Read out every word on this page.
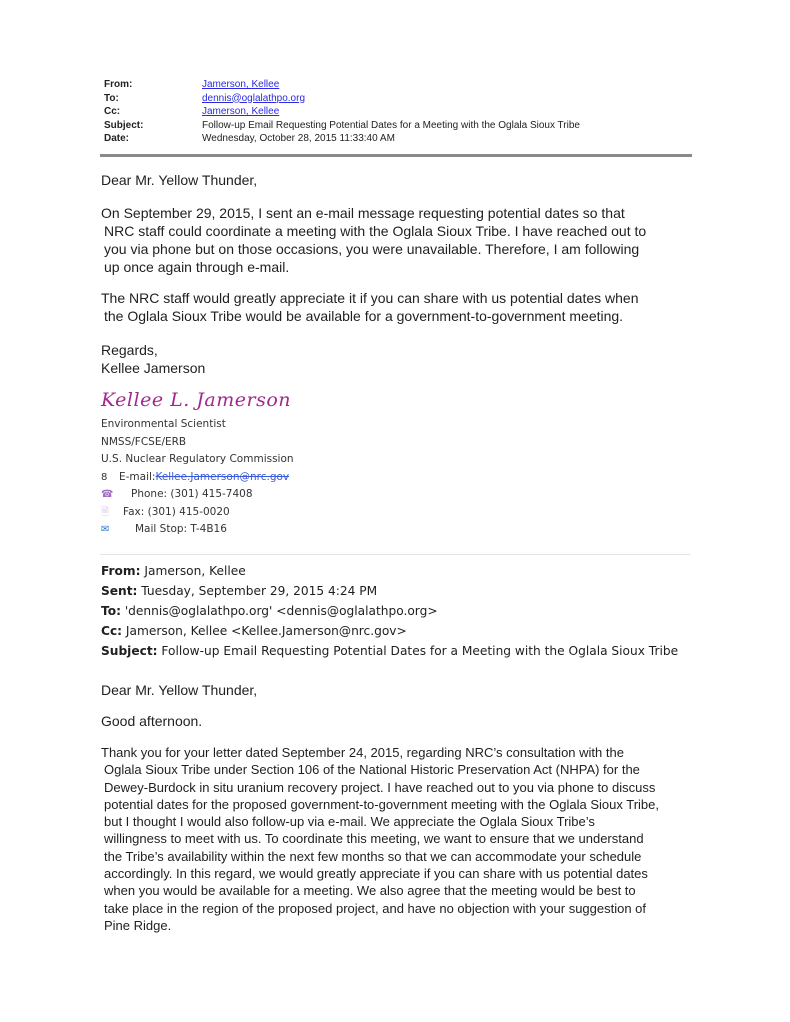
From:	Jamerson, Kellee
To:	dennis@oglalathpo.org
Cc:	Jamerson, Kellee
Subject:	Follow-up Email Requesting Potential Dates for a Meeting with the Oglala Sioux Tribe
Date:	Wednesday, October 28, 2015 11:33:40 AM
Dear Mr. Yellow Thunder,
On September 29, 2015, I sent an e-mail message requesting potential dates so that
NRC staff could coordinate a meeting with the Oglala Sioux Tribe. I have reached out to
you via phone but on those occasions, you were unavailable. Therefore, I am following
up once again through e-mail.
The NRC staff would greatly appreciate it if you can share with us potential dates when
the Oglala Sioux Tribe would be available for a government-to-government meeting.
Regards,
Kellee Jamerson
Kellee L. Jamerson
Environmental Scientist
NMSS/FCSE/ERB
U.S. Nuclear Regulatory Commission
8	E-mail: Kellee.Jamerson@nrc.gov
☎	Phone: (301) 415-7408
🗎	Fax: (301) 415-0020
✉	Mail Stop: T-4B16
From: Jamerson, Kellee
Sent: Tuesday, September 29, 2015 4:24 PM
To: 'dennis@oglalathpo.org' <dennis@oglalathpo.org>
Cc: Jamerson, Kellee <Kellee.Jamerson@nrc.gov>
Subject: Follow-up Email Requesting Potential Dates for a Meeting with the Oglala Sioux Tribe
Dear Mr. Yellow Thunder,
Good afternoon.
Thank you for your letter dated September 24, 2015, regarding NRC’s consultation with the
Oglala Sioux Tribe under Section 106 of the National Historic Preservation Act (NHPA) for the
Dewey-Burdock in situ uranium recovery project. I have reached out to you via phone to discuss
potential dates for the proposed government-to-government meeting with the Oglala Sioux Tribe,
but I thought I would also follow-up via e-mail. We appreciate the Oglala Sioux Tribe’s
willingness to meet with us. To coordinate this meeting, we want to ensure that we understand
the Tribe’s availability within the next few months so that we can accommodate your schedule
accordingly. In this regard, we would greatly appreciate if you can share with us potential dates
when you would be available for a meeting. We also agree that the meeting would be best to
take place in the region of the proposed project, and have no objection with your suggestion of
Pine Ridge.
